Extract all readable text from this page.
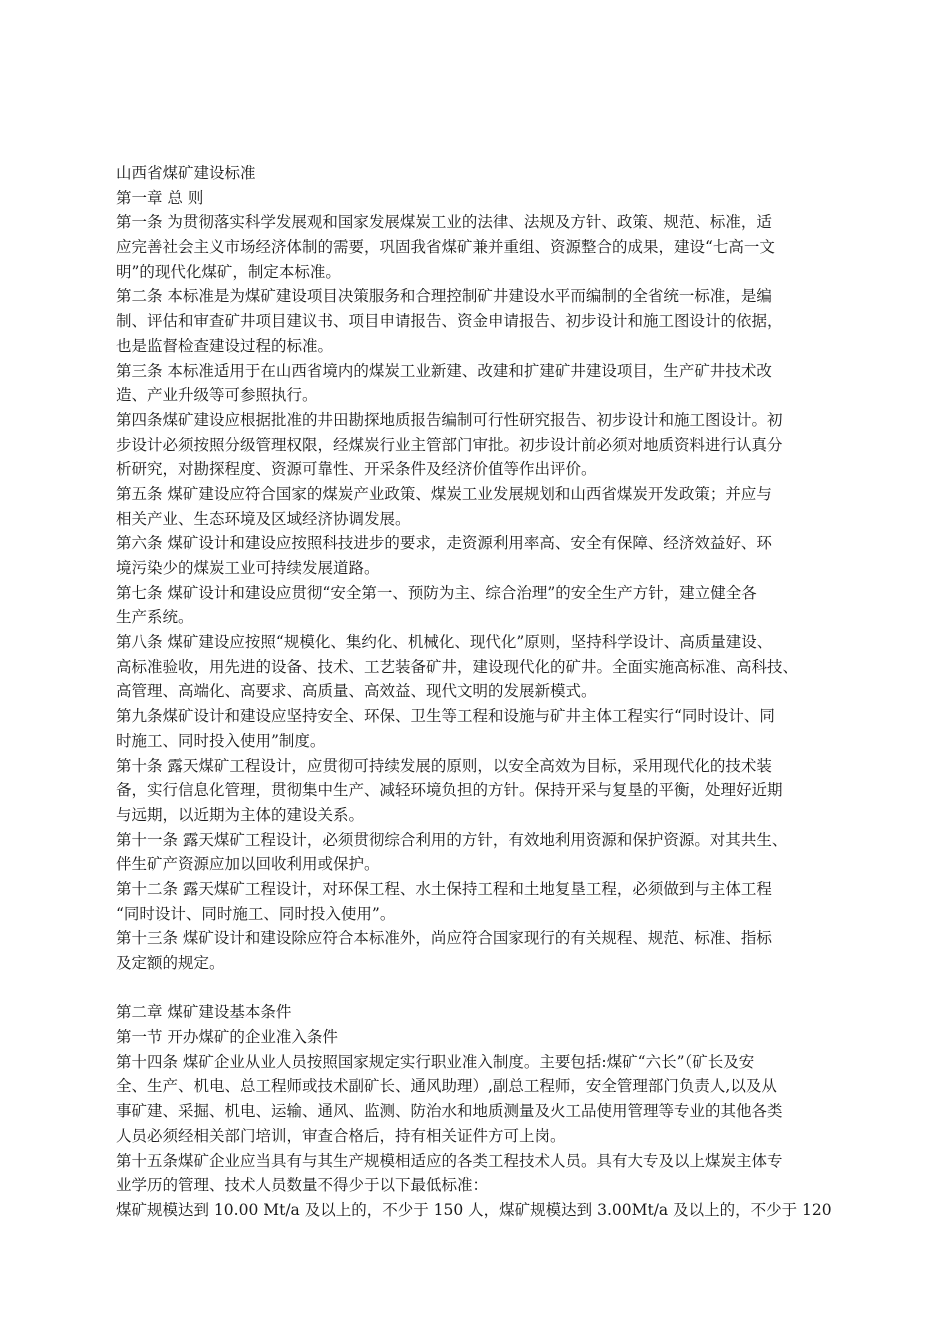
山西省煤矿建设标准

第一章 总 则

第一条 为贯彻落实科学发展观和国家发展煤炭工业的法律、法规及方针、政策、规范、标准，适

应完善社会主义市场经济体制的需要，巩固我省煤矿兼并重组、资源整合的成果，建设“七高一文

明”的现代化煤矿，制定本标准。

第二条 本标准是为煤矿建设项目决策服务和合理控制矿井建设水平而编制的全省统一标准，是编

制、评估和审查矿井项目建议书、项目申请报告、资金申请报告、初步设计和施工图设计的依据，

也是监督检查建设过程的标准。

第三条 本标准适用于在山西省境内的煤炭工业新建、改建和扩建矿井建设项目，生产矿井技术改

造、产业升级等可参照执行。

第四条煤矿建设应根据批准的井田勘探地质报告编制可行性研究报告、初步设计和施工图设计。初

步设计必须按照分级管理权限，经煤炭行业主管部门审批。初步设计前必须对地质资料进行认真分

析研究，对勘探程度、资源可靠性、开采条件及经济价值等作出评价。

第五条 煤矿建设应符合国家的煤炭产业政策、煤炭工业发展规划和山西省煤炭开发政策；并应与

相关产业、生态环境及区域经济协调发展。

第六条 煤矿设计和建设应按照科技进步的要求，走资源利用率高、安全有保障、经济效益好、环

境污染少的煤炭工业可持续发展道路。

第七条 煤矿设计和建设应贯彻“安全第一、预防为主、综合治理”的安全生产方针，建立健全各

生产系统。

第八条 煤矿建设应按照“规模化、集约化、机械化、现代化”原则，坚持科学设计、高质量建设、

高标准验收，用先进的设备、技术、工艺装备矿井，建设现代化的矿井。全面实施高标准、高科技、

高管理、高端化、高要求、高质量、高效益、现代文明的发展新模式。

第九条煤矿设计和建设应坚持安全、环保、卫生等工程和设施与矿井主体工程实行“同时设计、同

时施工、同时投入使用”制度。

第十条 露天煤矿工程设计，应贯彻可持续发展的原则，以安全高效为目标，采用现代化的技术装

备，实行信息化管理，贯彻集中生产、减轻环境负担的方针。保持开采与复垦的平衡，处理好近期

与远期，以近期为主体的建设关系。

第十一条 露天煤矿工程设计，必须贯彻综合利用的方针，有效地利用资源和保护资源。对其共生、

伴生矿产资源应加以回收利用或保护。

第十二条 露天煤矿工程设计，对环保工程、水土保持工程和土地复垦工程，必须做到与主体工程

“同时设计、同时施工、同时投入使用”。

第十三条 煤矿设计和建设除应符合本标准外，尚应符合国家现行的有关规程、规范、标准、指标

及定额的规定。

第二章 煤矿建设基本条件

第一节 开办煤矿的企业准入条件

第十四条 煤矿企业从业人员按照国家规定实行职业准入制度。主要包括:煤矿“六长”（矿长及安

全、生产、机电、总工程师或技术副矿长、通风助理）,副总工程师，安全管理部门负责人,以及从

事矿建、采掘、机电、运输、通风、监测、防治水和地质测量及火工品使用管理等专业的其他各类

人员必须经相关部门培训，审查合格后，持有相关证件方可上岗。

第十五条煤矿企业应当具有与其生产规模相适应的各类工程技术人员。具有大专及以上煤炭主体专

业学历的管理、技术人员数量不得少于以下最低标准：

煤矿规模达到 10.00 Mt/a 及以上的，不少于 150 人，煤矿规模达到 3.00Mt/a 及以上的，不少于 120
